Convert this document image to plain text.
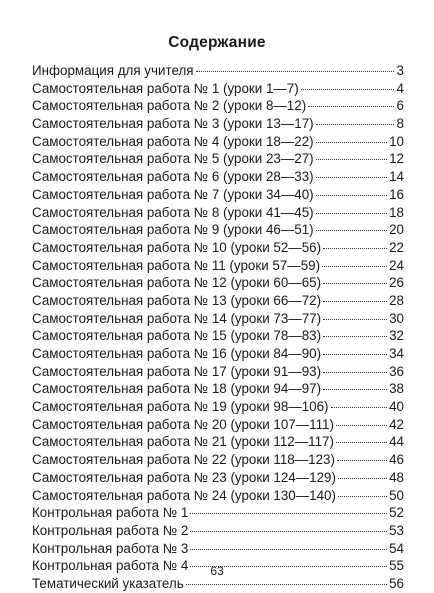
Содержание
Информация для учителя	3
Самостоятельная работа № 1 (уроки 1—7)	4
Самостоятельная работа № 2 (уроки 8—12)	6
Самостоятельная работа № 3 (уроки 13—17)	8
Самостоятельная работа № 4 (уроки 18—22)	10
Самостоятельная работа № 5 (уроки 23—27)	12
Самостоятельная работа № 6 (уроки 28—33)	14
Самостоятельная работа № 7 (уроки 34—40)	16
Самостоятельная работа № 8 (уроки 41—45)	18
Самостоятельная работа № 9 (уроки 46—51)	20
Самостоятельная работа № 10 (уроки 52—56)	22
Самостоятельная работа № 11 (уроки 57—59)	24
Самостоятельная работа № 12 (уроки 60—65)	26
Самостоятельная работа № 13 (уроки 66—72)	28
Самостоятельная работа № 14 (уроки 73—77)	30
Самостоятельная работа № 15 (уроки 78—83)	32
Самостоятельная работа № 16 (уроки 84—90)	34
Самостоятельная работа № 17 (уроки 91—93)	36
Самостоятельная работа № 18 (уроки 94—97)	38
Самостоятельная работа № 19 (уроки 98—106)	40
Самостоятельная работа № 20 (уроки 107—111)	42
Самостоятельная работа № 21 (уроки 112—117)	44
Самостоятельная работа № 22 (уроки 118—123)	46
Самостоятельная работа № 23 (уроки 124—129)	48
Самостоятельная работа № 24 (уроки 130—140)	50
Контрольная работа № 1	52
Контрольная работа № 2	53
Контрольная работа № 3	54
Контрольная работа № 4	55
Тематический указатель	56
63
